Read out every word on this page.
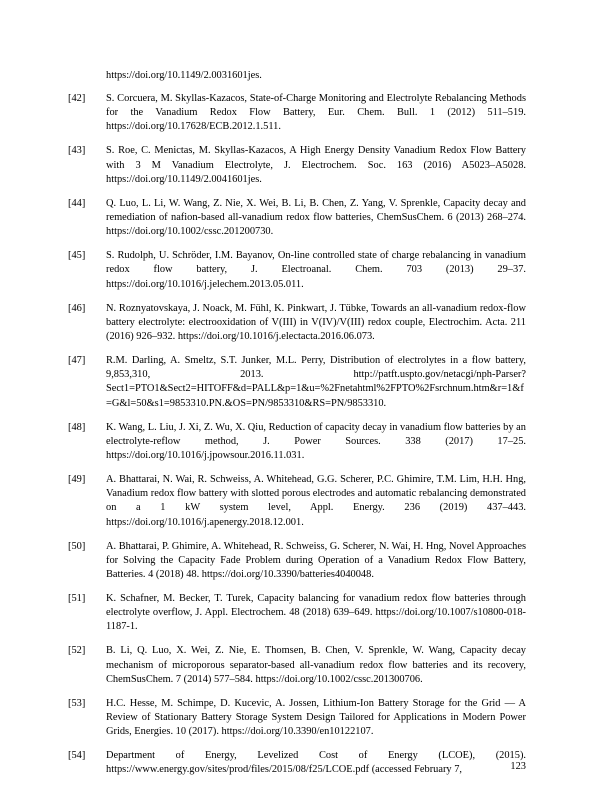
https://doi.org/10.1149/2.0031601jes.

[42]	S. Corcuera, M. Skyllas-Kazacos, State-of-Charge Monitoring and Electrolyte Rebalancing Methods for the Vanadium Redox Flow Battery, Eur. Chem. Bull. 1 (2012) 511–519. https://doi.org/10.17628/ECB.2012.1.511.

[43]	S. Roe, C. Menictas, M. Skyllas-Kazacos, A High Energy Density Vanadium Redox Flow Battery with 3 M Vanadium Electrolyte, J. Electrochem. Soc. 163 (2016) A5023–A5028. https://doi.org/10.1149/2.0041601jes.

[44]	Q. Luo, L. Li, W. Wang, Z. Nie, X. Wei, B. Li, B. Chen, Z. Yang, V. Sprenkle, Capacity decay and remediation of nafion-based all-vanadium redox flow batteries, ChemSusChem. 6 (2013) 268–274. https://doi.org/10.1002/cssc.201200730.

[45]	S. Rudolph, U. Schröder, I.M. Bayanov, On-line controlled state of charge rebalancing in vanadium redox flow battery, J. Electroanal. Chem. 703 (2013) 29–37. https://doi.org/10.1016/j.jelechem.2013.05.011.

[46]	N. Roznyatovskaya, J. Noack, M. Fühl, K. Pinkwart, J. Tübke, Towards an all-vanadium redox-flow battery electrolyte: electrooxidation of V(III) in V(IV)/V(III) redox couple, Electrochim. Acta. 211 (2016) 926–932. https://doi.org/10.1016/j.electacta.2016.06.073.

[47]	R.M. Darling, A. Smeltz, S.T. Junker, M.L. Perry, Distribution of electrolytes in a flow battery, 9,853,310, 2013. http://patft.uspto.gov/netacgi/nph-Parser?Sect1=PTO1&Sect2=HITOFF&d=PALL&p=1&u=%2Fnetahtml%2FPTO%2Fsrchnum.htm&r=1&f=G&l=50&s1=9853310.PN.&OS=PN/9853310&RS=PN/9853310.

[48]	K. Wang, L. Liu, J. Xi, Z. Wu, X. Qiu, Reduction of capacity decay in vanadium flow batteries by an electrolyte-reflow method, J. Power Sources. 338 (2017) 17–25. https://doi.org/10.1016/j.jpowsour.2016.11.031.

[49]	A. Bhattarai, N. Wai, R. Schweiss, A. Whitehead, G.G. Scherer, P.C. Ghimire, T.M. Lim, H.H. Hng, Vanadium redox flow battery with slotted porous electrodes and automatic rebalancing demonstrated on a 1 kW system level, Appl. Energy. 236 (2019) 437–443. https://doi.org/10.1016/j.apenergy.2018.12.001.

[50]	A. Bhattarai, P. Ghimire, A. Whitehead, R. Schweiss, G. Scherer, N. Wai, H. Hng, Novel Approaches for Solving the Capacity Fade Problem during Operation of a Vanadium Redox Flow Battery, Batteries. 4 (2018) 48. https://doi.org/10.3390/batteries4040048.

[51]	K. Schafner, M. Becker, T. Turek, Capacity balancing for vanadium redox flow batteries through electrolyte overflow, J. Appl. Electrochem. 48 (2018) 639–649. https://doi.org/10.1007/s10800-018-1187-1.

[52]	B. Li, Q. Luo, X. Wei, Z. Nie, E. Thomsen, B. Chen, V. Sprenkle, W. Wang, Capacity decay mechanism of microporous separator-based all-vanadium redox flow batteries and its recovery, ChemSusChem. 7 (2014) 577–584. https://doi.org/10.1002/cssc.201300706.

[53]	H.C. Hesse, M. Schimpe, D. Kucevic, A. Jossen, Lithium-Ion Battery Storage for the Grid — A Review of Stationary Battery Storage System Design Tailored for Applications in Modern Power Grids, Energies. 10 (2017). https://doi.org/10.3390/en10122107.

[54]	Department of Energy, Levelized Cost of Energy (LCOE), (2015). https://www.energy.gov/sites/prod/files/2015/08/f25/LCOE.pdf (accessed February 7,	123
